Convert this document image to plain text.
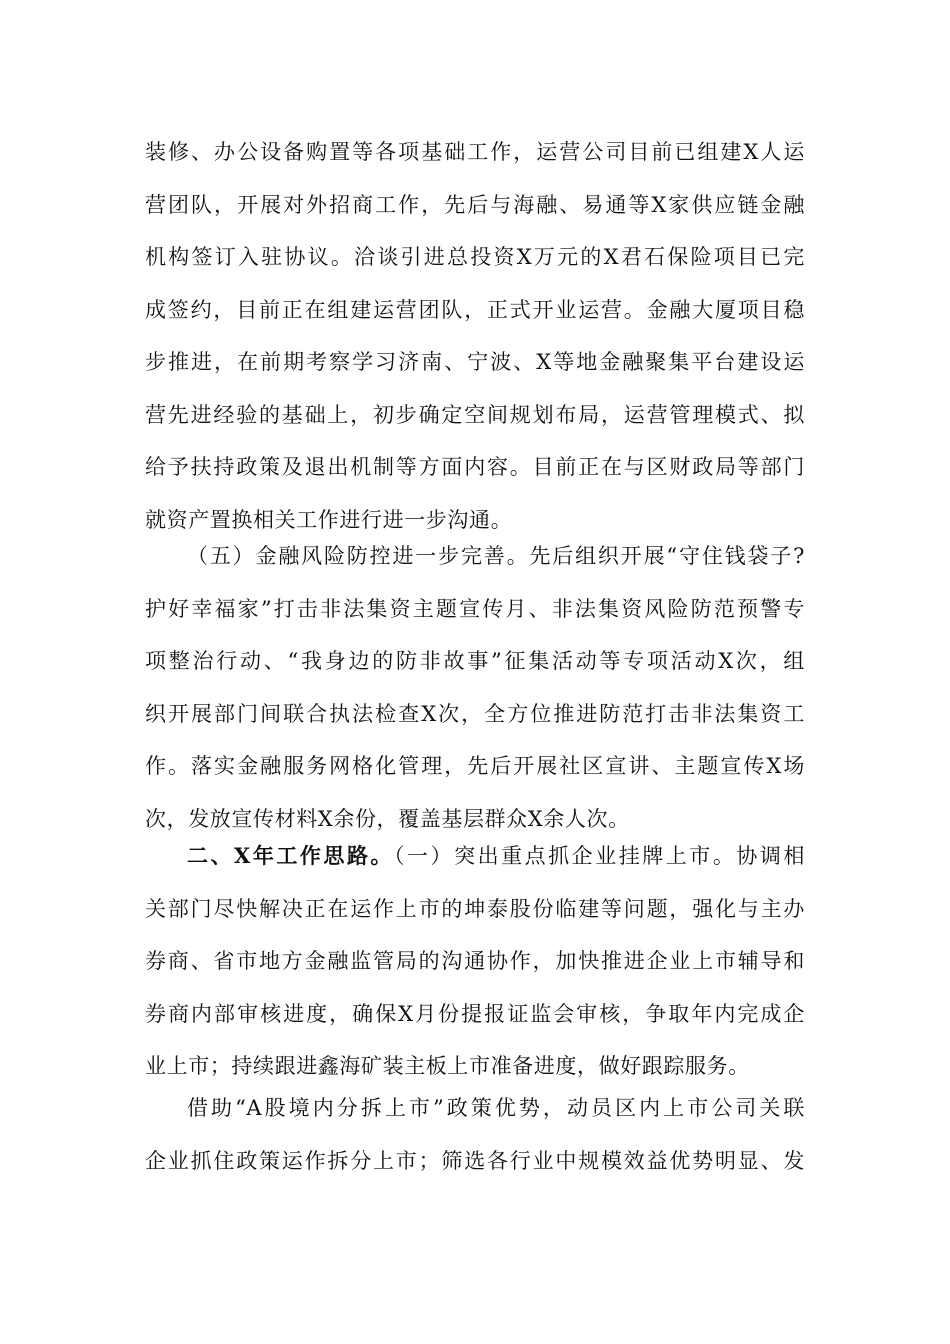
装修、办公设备购置等各项基础工作，运营公司目前已组建X人运
营团队，开展对外招商工作，先后与海融、易通等X家供应链金融
机构签订入驻协议。洽谈引进总投资X万元的X君石保险项目已完
成签约，目前正在组建运营团队，正式开业运营。金融大厦项目稳
步推进，在前期考察学习济南、宁波、X等地金融聚集平台建设运
营先进经验的基础上，初步确定空间规划布局，运营管理模式、拟
给予扶持政策及退出机制等方面内容。目前正在与区财政局等部门
就资产置换相关工作进行进一步沟通。
（五）金融风险防控进一步完善。先后组织开展“守住钱袋子?
护好幸福家”打击非法集资主题宣传月、非法集资风险防范预警专
项整治行动、“我身边的防非故事”征集活动等专项活动X次，组
织开展部门间联合执法检查X次，全方位推进防范打击非法集资工
作。落实金融服务网格化管理，先后开展社区宣讲、主题宣传X场
次，发放宣传材料X余份，覆盖基层群众X余人次。
二、X年工作思路。（一）突出重点抓企业挂牌上市。协调相
关部门尽快解决正在运作上市的坤泰股份临建等问题，强化与主办
券商、省市地方金融监管局的沟通协作，加快推进企业上市辅导和
券商内部审核进度，确保X月份提报证监会审核，争取年内完成企
业上市；持续跟进鑫海矿装主板上市准备进度，做好跟踪服务。
借助“A股境内分拆上市”政策优势，动员区内上市公司关联
企业抓住政策运作拆分上市；筛选各行业中规模效益优势明显、发
